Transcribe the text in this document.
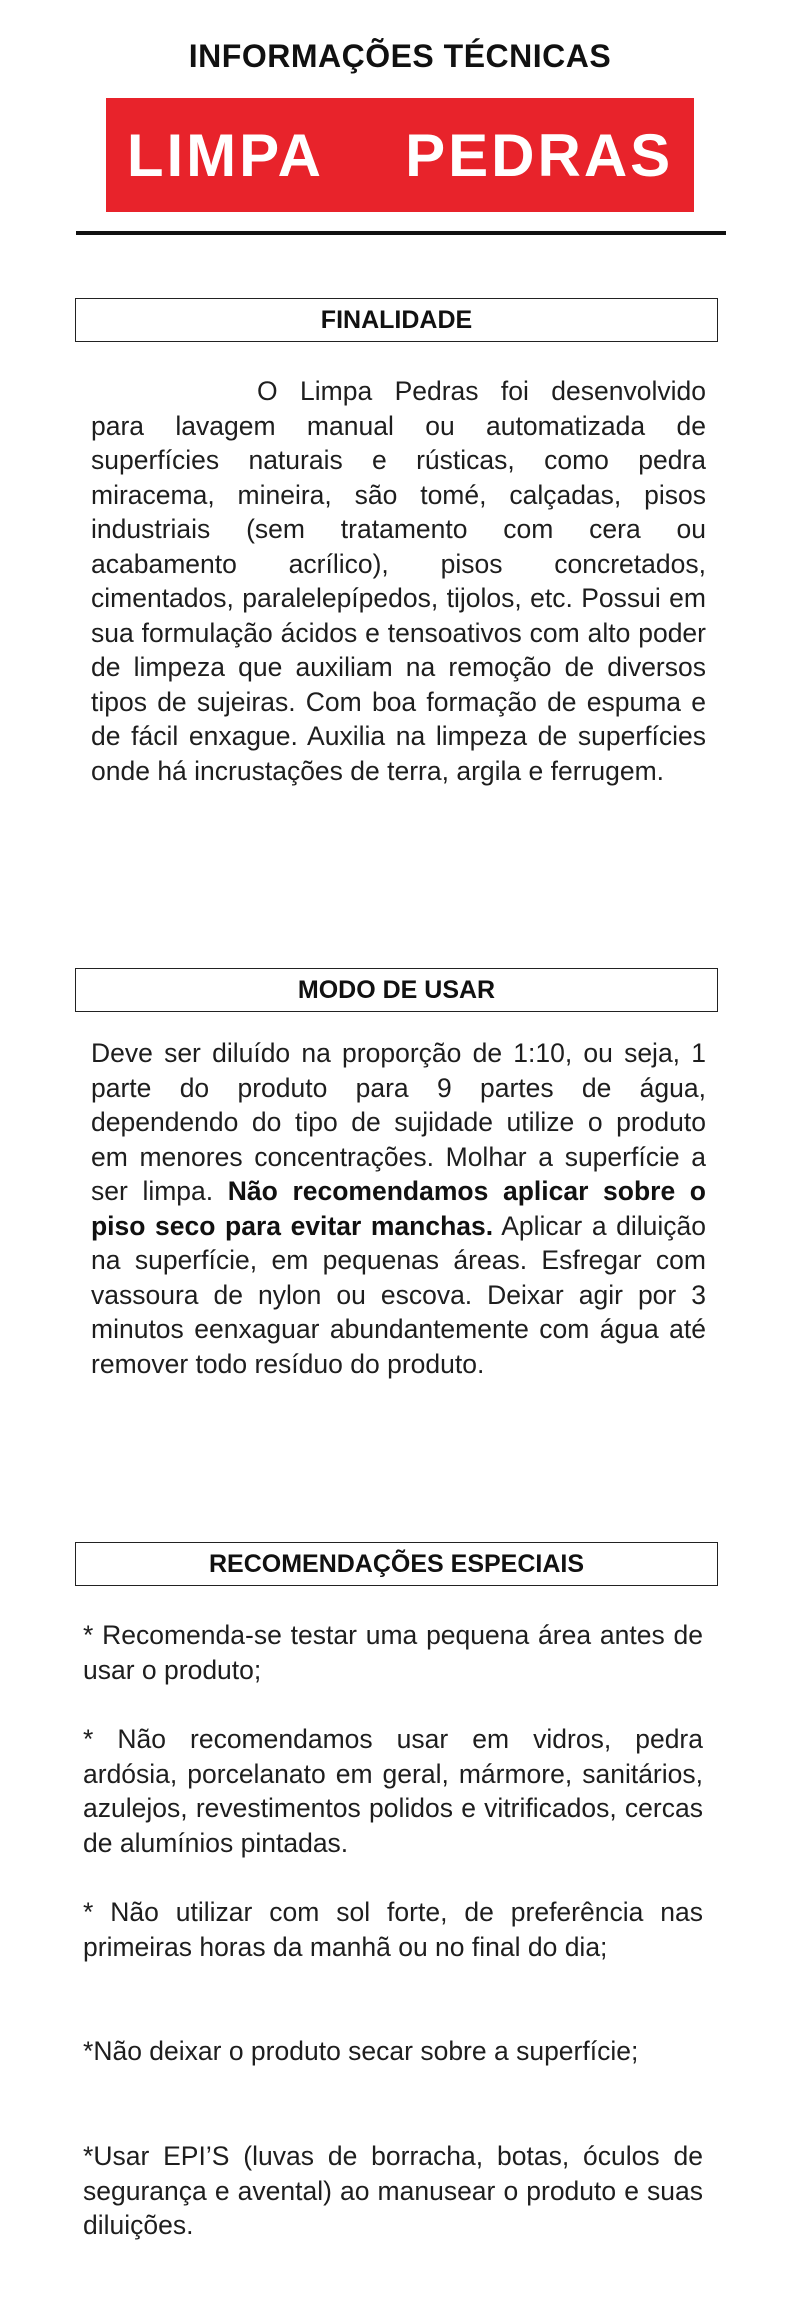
INFORMAÇÕES TÉCNICAS
LIMPA  PEDRAS
FINALIDADE
O Limpa Pedras foi desenvolvido para lavagem manual ou automatizada de superfícies naturais e rústicas, como pedra miracema, mineira, são tomé, calçadas, pisos industriais (sem tratamento com cera ou acabamento acrílico), pisos concretados, cimentados, paralelepípedos, tijolos, etc. Possui em sua formulação ácidos e tensoativos com alto poder de limpeza que auxiliam na remoção de diversos tipos de sujeiras. Com boa formação de espuma e de fácil enxague. Auxilia na limpeza de superfícies onde há incrustações de terra, argila e ferrugem.
MODO DE USAR
Deve ser diluído na proporção de 1:10, ou seja, 1 parte do produto para 9 partes de água, dependendo do tipo de sujidade utilize o produto em menores concentrações. Molhar a superfície a ser limpa. Não recomendamos aplicar sobre o piso seco para evitar manchas. Aplicar a diluição na superfície, em pequenas áreas. Esfregar com vassoura de nylon ou escova. Deixar agir por 3 minutos eenxaguar abundantemente com água até remover todo resíduo do produto.
RECOMENDAÇÕES ESPECIAIS
* Recomenda-se testar uma pequena área antes de usar o produto;
* Não recomendamos usar em vidros, pedra ardósia, porcelanato em geral, mármore, sanitários, azulejos, revestimentos polidos e vitrificados, cercas de alumínios pintadas.
* Não utilizar com sol forte, de preferência nas primeiras horas da manhã ou no final do dia;
*Não deixar o produto secar sobre a superfície;
*Usar EPI’S (luvas de borracha, botas, óculos de segurança e avental) ao manusear o produto e suas diluições.
